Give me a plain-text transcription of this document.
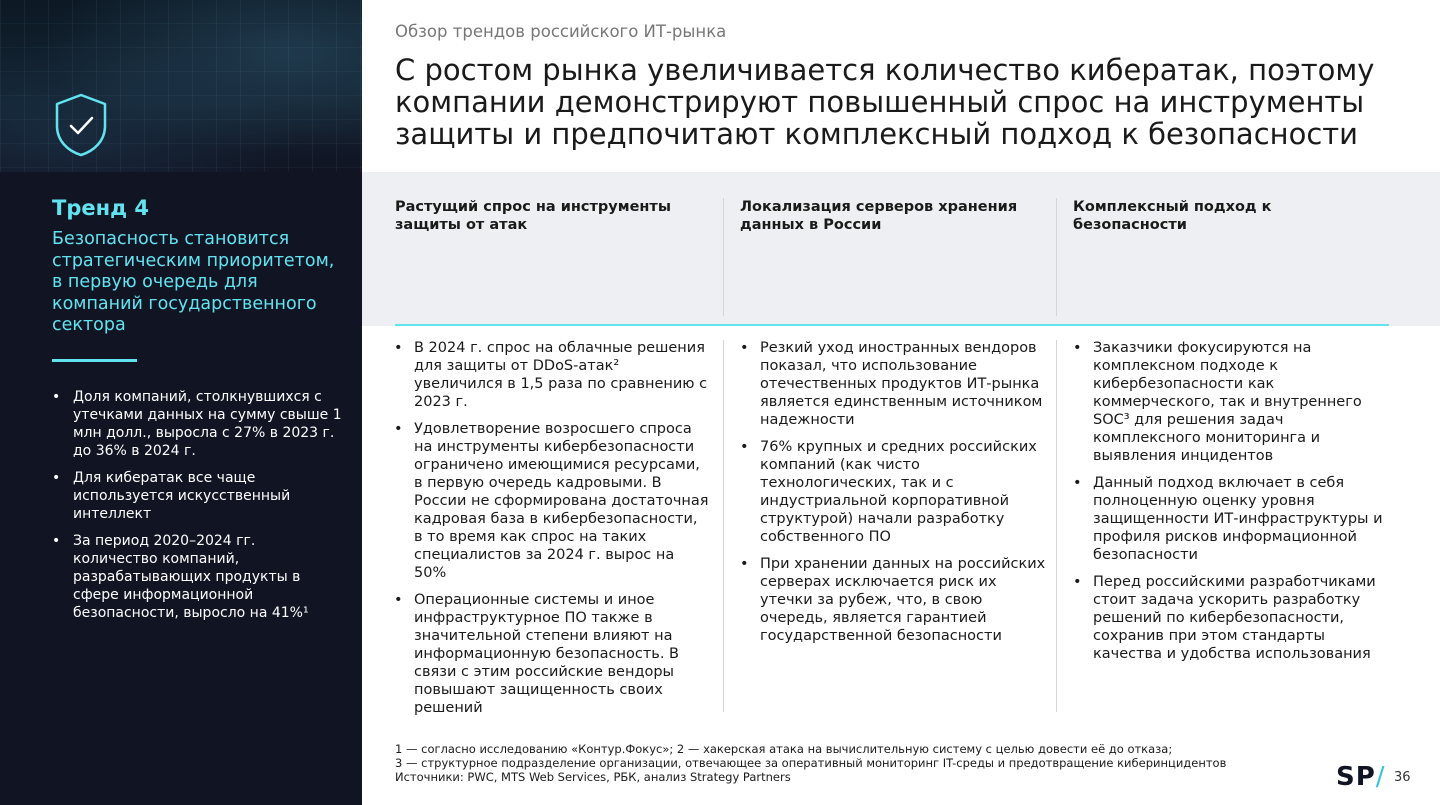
Тренд 4
Безопасность становится стратегическим приоритетом, в первую очередь для компаний государственного сектора
• Доля компаний, столкнувшихся с утечками данных на сумму свыше 1 млн долл., выросла с 27% в 2023 г. до 36% в 2024 г.
• Для кибератак все чаще используется искусственный интеллект
• За период 2020–2024 гг. количество компаний, разрабатывающих продукты в сфере информационной безопасности, выросло на 41%¹
Обзор трендов российского ИТ-рынка
С ростом рынка увеличивается количество кибератак, поэтому компании демонстрируют повышенный спрос на инструменты защиты и предпочитают комплексный подход к безопасности
Растущий спрос на инструменты защиты от атак
Локализация серверов хранения данных в России
Комплексный подход к безопасности
• В 2024 г. спрос на облачные решения для защиты от DDoS-атак² увеличился в 1,5 раза по сравнению с 2023 г.
• Удовлетворение возросшего спроса на инструменты кибербезопасности ограничено имеющимися ресурсами, в первую очередь кадровыми. В России не сформирована достаточная кадровая база в кибербезопасности, в то время как спрос на таких специалистов за 2024 г. вырос на 50%
• Операционные системы и иное инфраструктурное ПО также в значительной степени влияют на информационную безопасность. В связи с этим российские вендоры повышают защищенность своих решений
• Резкий уход иностранных вендоров показал, что использование отечественных продуктов ИТ-рынка является единственным источником надежности
• 76% крупных и средних российских компаний (как чисто технологических, так и с индустриальной корпоративной структурой) начали разработку собственного ПО
• При хранении данных на российских серверах исключается риск их утечки за рубеж, что, в свою очередь, является гарантией государственной безопасности
• Заказчики фокусируются на комплексном подходе к кибербезопасности как коммерческого, так и внутреннего SOC³ для решения задач комплексного мониторинга и выявления инцидентов
• Данный подход включает в себя полноценную оценку уровня защищенности ИТ-инфраструктуры и профиля рисков информационной безопасности
• Перед российскими разработчиками стоит задача ускорить разработку решений по кибербезопасности, сохранив при этом стандарты качества и удобства использования
1 — согласно исследованию «Контур.Фокус»; 2 — хакерская атака на вычислительную систему с целью довести её до отказа;
3 — структурное подразделение организации, отвечающее за оперативный мониторинг IT-среды и предотвращение киберинцидентов
Источники: PWC, MTS Web Services, РБК, анализ Strategy Partners	SP/ 36
